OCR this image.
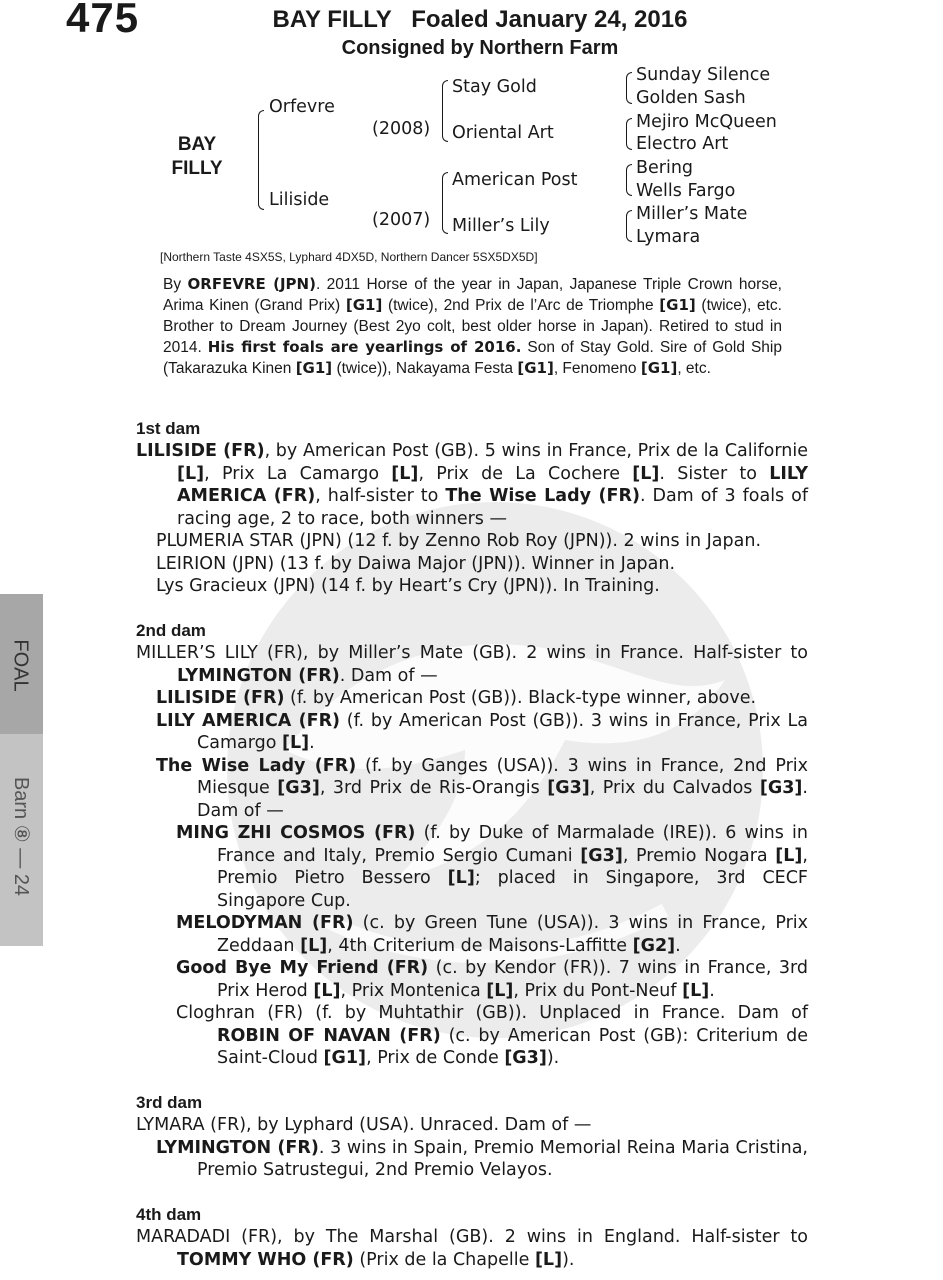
FOAL
Barn ⑧ — 24
475	BAY FILLY   Foaled January 24, 2016
Consigned by Northern Farm
BAY
FILLY
Orfevre
Liliside
(2008)
(2007)
Stay Gold
Oriental Art
American Post
Miller’s Lily
Sunday Silence
Golden Sash
Mejiro McQueen
Electro Art
Bering
Wells Fargo
Miller’s Mate
Lymara
[Northern Taste 4SX5S, Lyphard 4DX5D, Northern Dancer 5SX5DX5D]
By ORFEVRE (JPN). 2011 Horse of the year in Japan, Japanese Triple Crown horse, Arima Kinen (Grand Prix) [G1] (twice), 2nd Prix de l’Arc de Triomphe [G1] (twice), etc. Brother to Dream Journey (Best 2yo colt, best older horse in Japan). Retired to stud in 2014. His first foals are yearlings of 2016. Son of Stay Gold. Sire of Gold Ship (Takarazuka Kinen [G1] (twice)), Nakayama Festa [G1], Fenomeno [G1], etc.
1st dam

LILISIDE (FR), by American Post (GB). 5 wins in France, Prix de la Californie [L], Prix La Camargo [L], Prix de La Cochere [L]. Sister to LILY AMERICA (FR), half-sister to The Wise Lady (FR). Dam of 3 foals of racing age, 2 to race, both winners —

PLUMERIA STAR (JPN) (12 f. by Zenno Rob Roy (JPN)). 2 wins in Japan.

LEIRION (JPN) (13 f. by Daiwa Major (JPN)). Winner in Japan.

Lys Gracieux (JPN) (14 f. by Heart’s Cry (JPN)). In Training.

2nd dam

MILLER’S LILY (FR), by Miller’s Mate (GB). 2 wins in France. Half-sister to LYMINGTON (FR). Dam of —

LILISIDE (FR) (f. by American Post (GB)). Black-type winner, above.

LILY AMERICA (FR) (f. by American Post (GB)). 3 wins in France, Prix La Camargo [L].

The Wise Lady (FR) (f. by Ganges (USA)). 3 wins in France, 2nd Prix Miesque [G3], 3rd Prix de Ris-Orangis [G3], Prix du Calvados [G3]. Dam of —

MING ZHI COSMOS (FR) (f. by Duke of Marmalade (IRE)). 6 wins in France and Italy, Premio Sergio Cumani [G3], Premio Nogara [L], Premio Pietro Bessero [L]; placed in Singapore, 3rd CECF Singapore Cup.

MELODYMAN (FR) (c. by Green Tune (USA)). 3 wins in France, Prix Zeddaan [L], 4th Criterium de Maisons-Laffitte [G2].

Good Bye My Friend (FR) (c. by Kendor (FR)). 7 wins in France, 3rd Prix Herod [L], Prix Montenica [L], Prix du Pont-Neuf [L].

Cloghran (FR) (f. by Muhtathir (GB)). Unplaced in France. Dam of ROBIN OF NAVAN (FR) (c. by American Post (GB): Criterium de Saint-Cloud [G1], Prix de Conde [G3]).

3rd dam

LYMARA (FR), by Lyphard (USA). Unraced. Dam of —

LYMINGTON (FR). 3 wins in Spain, Premio Memorial Reina Maria Cristina, Premio Satrustegui, 2nd Premio Velayos.

4th dam

MARADADI (FR), by The Marshal (GB). 2 wins in England. Half-sister to TOMMY WHO (FR) (Prix de la Chapelle [L]).
